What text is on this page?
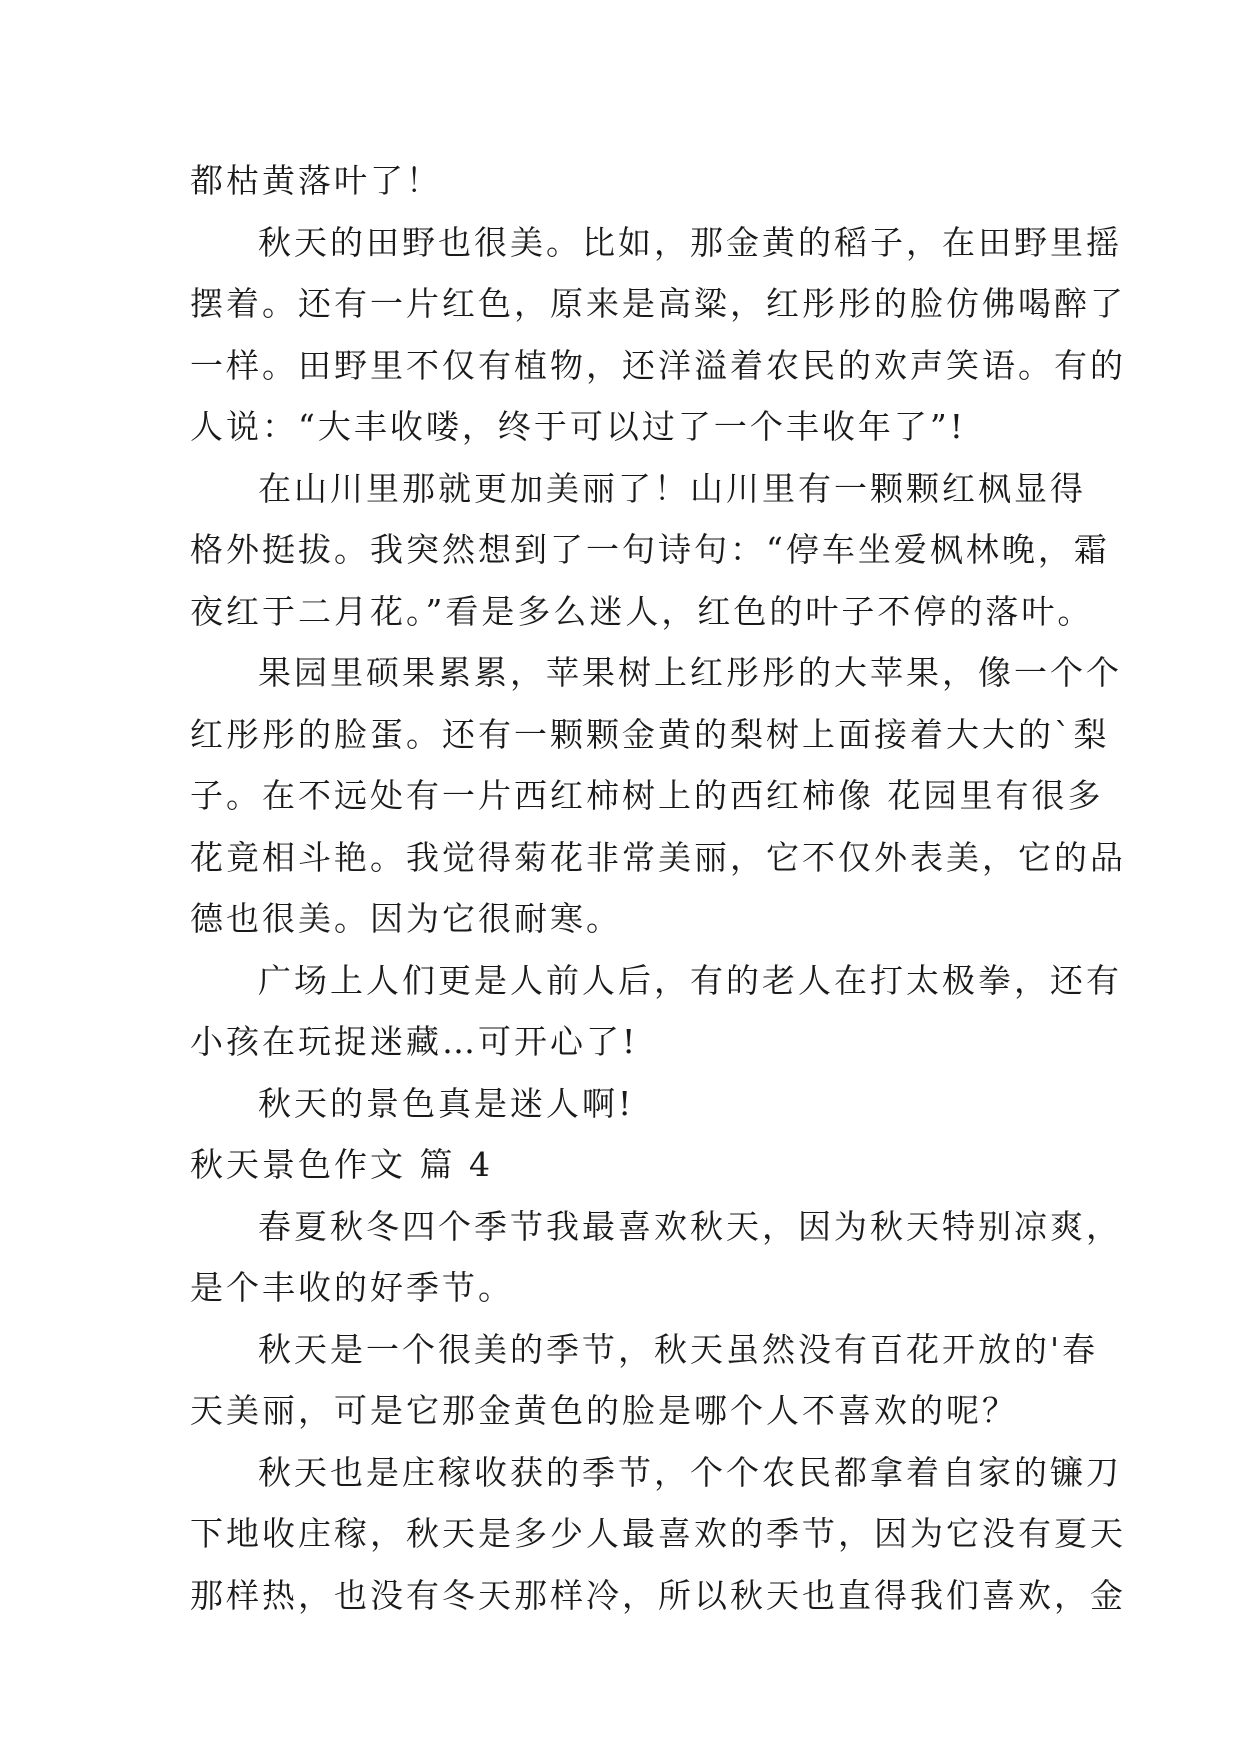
都枯黄落叶了！
秋天的田野也很美。比如，那金黄的稻子，在田野里摇
摆着。还有一片红色，原来是高粱，红彤彤的脸仿佛喝醉了
一样。田野里不仅有植物，还洋溢着农民的欢声笑语。有的
人说：“大丰收喽，终于可以过了一个丰收年了”!
在山川里那就更加美丽了！山川里有一颗颗红枫显得
格外挺拔。我突然想到了一句诗句：“停车坐爱枫林晚，霜
夜红于二月花。”看是多么迷人，红色的叶子不停的落叶。
果园里硕果累累，苹果树上红彤彤的大苹果，像一个个
红彤彤的脸蛋。还有一颗颗金黄的梨树上面接着大大的`梨
子。在不远处有一片西红柿树上的西红柿像 花园里有很多
花竟相斗艳。我觉得菊花非常美丽，它不仅外表美，它的品
德也很美。因为它很耐寒。
广场上人们更是人前人后，有的老人在打太极拳，还有
小孩在玩捉迷藏…可开心了!
秋天的景色真是迷人啊!
秋天景色作文 篇 4
春夏秋冬四个季节我最喜欢秋天，因为秋天特别凉爽，
是个丰收的好季节。
秋天是一个很美的季节，秋天虽然没有百花开放的'春
天美丽，可是它那金黄色的脸是哪个人不喜欢的呢？
秋天也是庄稼收获的季节，个个农民都拿着自家的镰刀
下地收庄稼，秋天是多少人最喜欢的季节，因为它没有夏天
那样热，也没有冬天那样冷，所以秋天也直得我们喜欢，金
